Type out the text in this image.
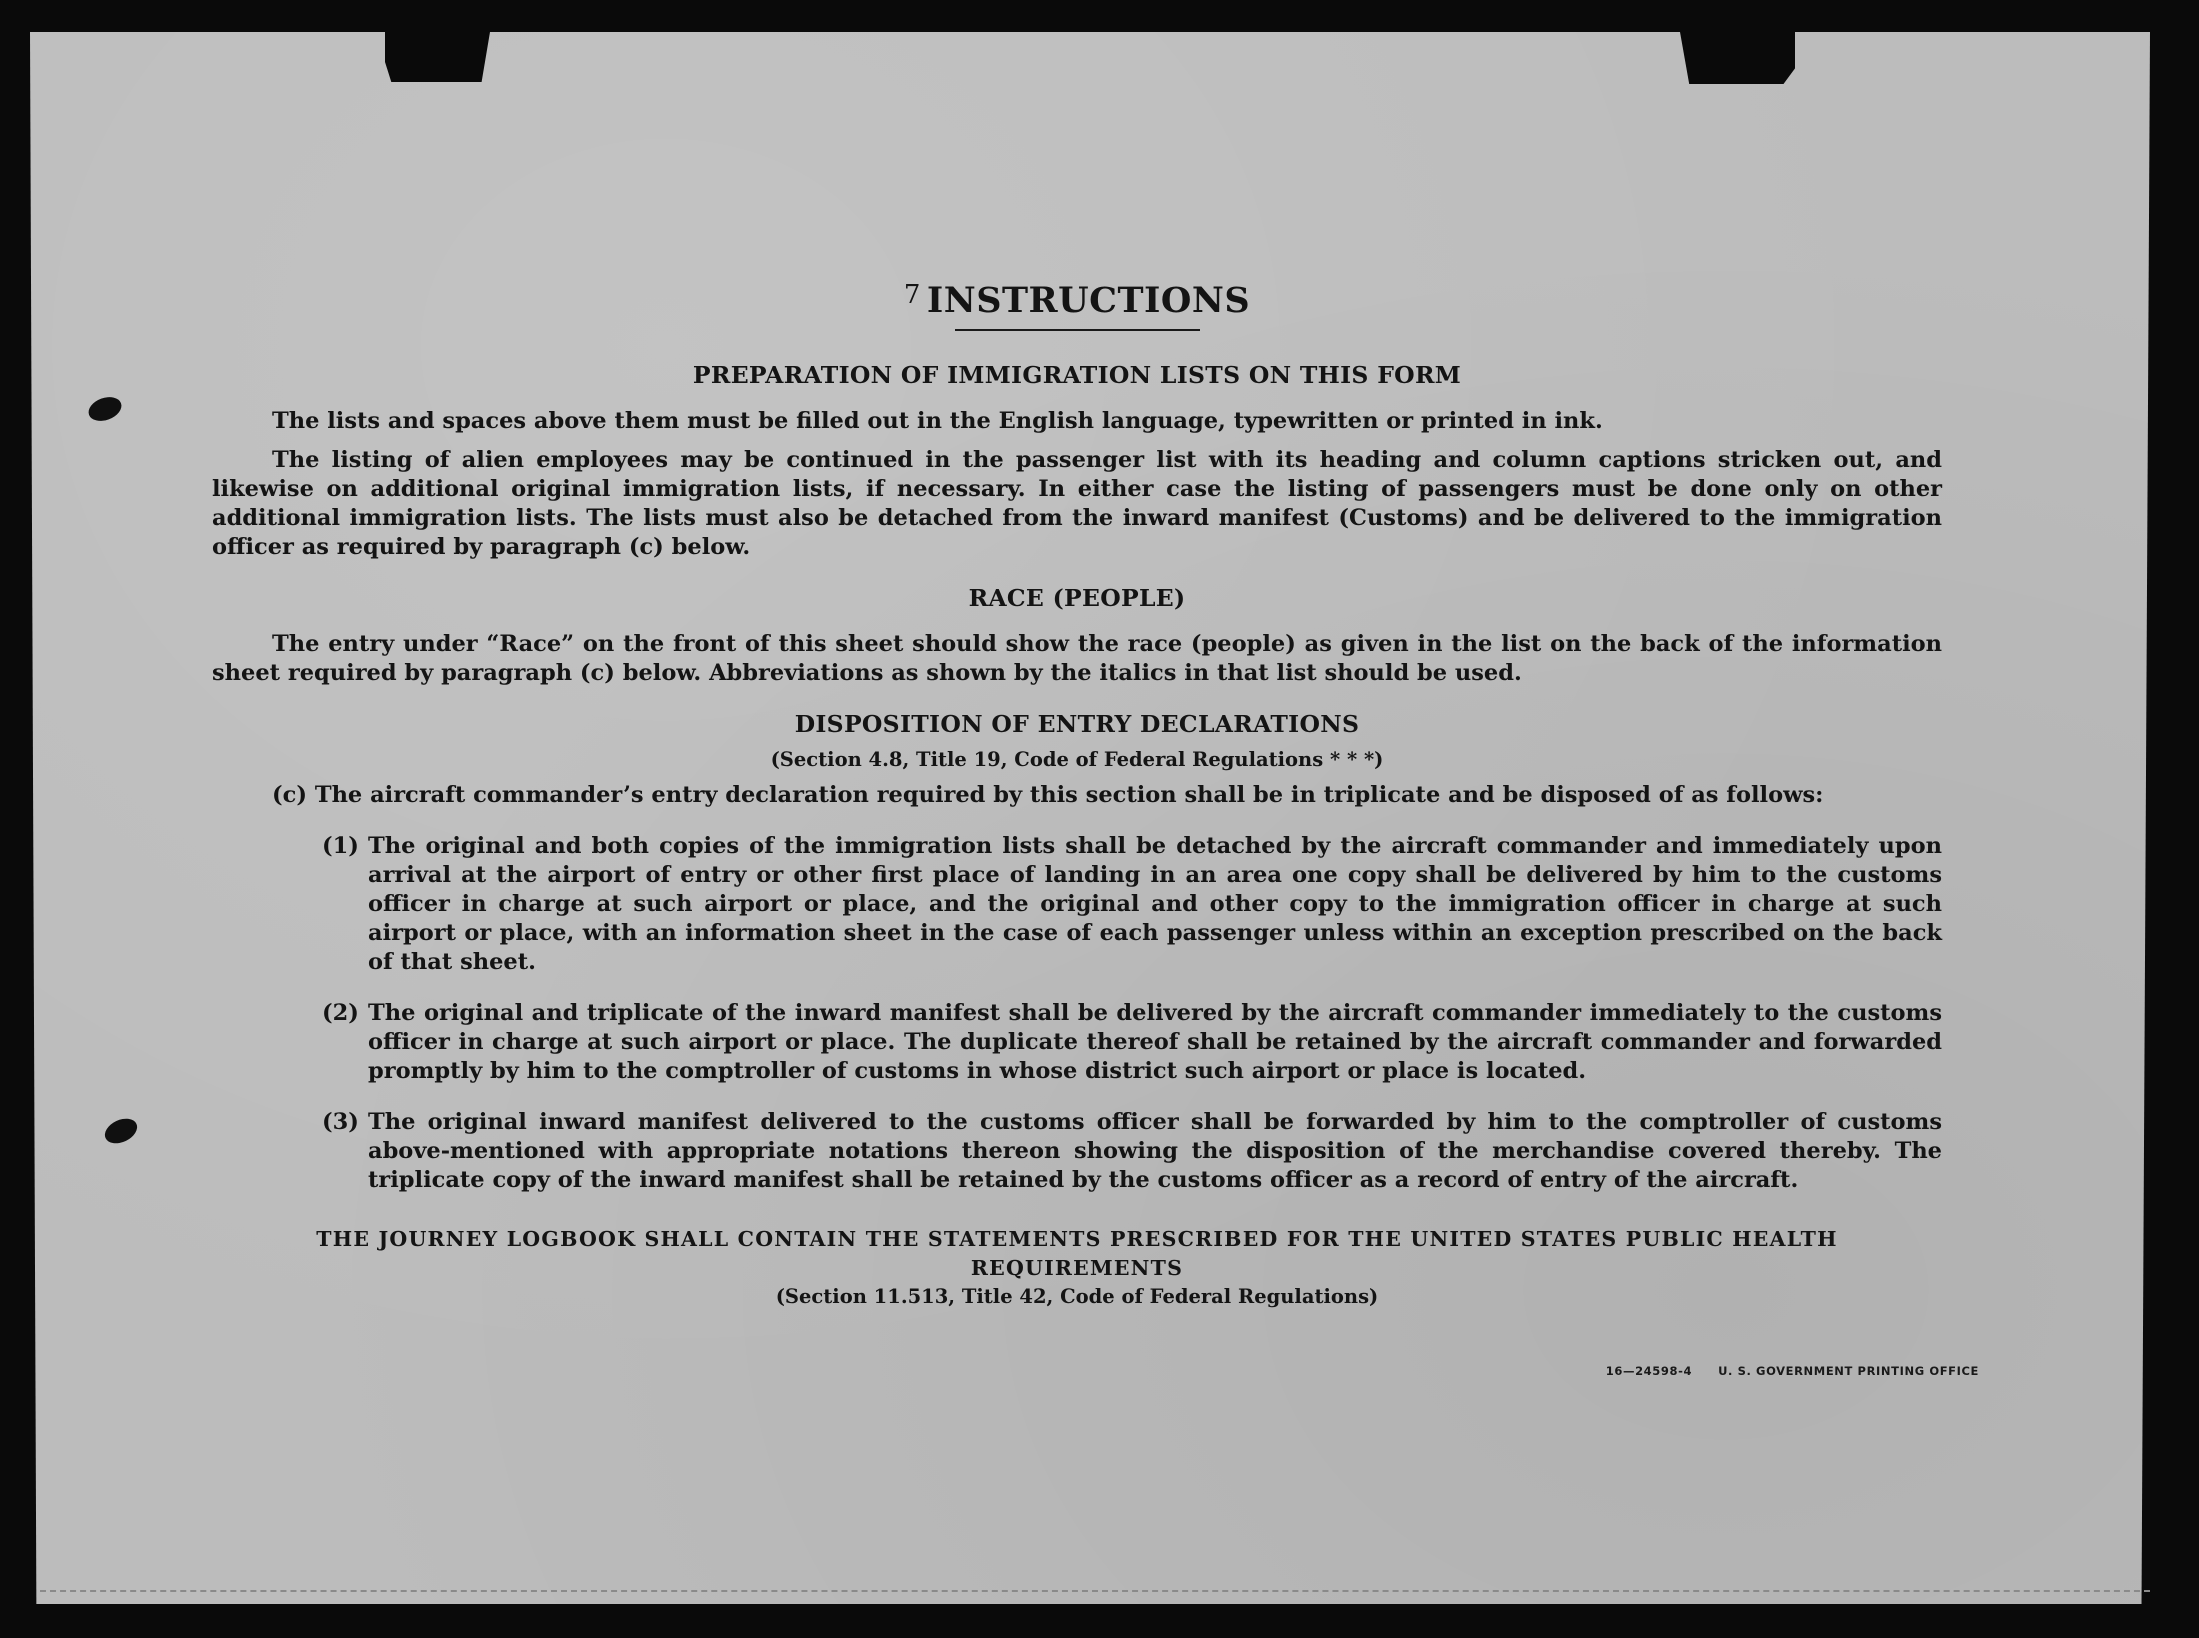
$^7$ INSTRUCTIONS
PREPARATION OF IMMIGRATION LISTS ON THIS FORM

The lists and spaces above them must be filled out in the English language, typewritten or printed in ink.

The listing of alien employees may be continued in the passenger list with its heading and column captions stricken out, and likewise on additional original immigration lists, if necessary. In either case the listing of passengers must be done only on other additional immigration lists. The lists must also be detached from the inward manifest (Customs) and be delivered to the immigration officer as required by paragraph (c) below.

RACE (PEOPLE)

The entry under “Race” on the front of this sheet should show the race (people) as given in the list on the back of the information sheet required by paragraph (c) below. Abbreviations as shown by the italics in that list should be used.

DISPOSITION OF ENTRY DECLARATIONS
(Section 4.8, Title 19, Code of Federal Regulations * * *)
(c) The aircraft commander’s entry declaration required by this section shall be in triplicate and be disposed of as follows:
(1) The original and both copies of the immigration lists shall be detached by the aircraft commander and immediately upon arrival at the airport of entry or other first place of landing in an area one copy shall be delivered by him to the customs officer in charge at such airport or place, and the original and other copy to the immigration officer in charge at such airport or place, with an information sheet in the case of each passenger unless within an exception prescribed on the back of that sheet.
(2) The original and triplicate of the inward manifest shall be delivered by the aircraft commander immediately to the customs officer in charge at such airport or place. The duplicate thereof shall be retained by the aircraft commander and forwarded promptly by him to the comptroller of customs in whose district such airport or place is located.
(3) The original inward manifest delivered to the customs officer shall be forwarded by him to the comptroller of customs above-mentioned with appropriate notations thereon showing the disposition of the merchandise covered thereby. The triplicate copy of the inward manifest shall be retained by the customs officer as a record of entry of the aircraft.
THE JOURNEY LOGBOOK SHALL CONTAIN THE STATEMENTS PRESCRIBED FOR THE UNITED STATES PUBLIC HEALTH REQUIREMENTS
(Section 11.513, Title 42, Code of Federal Regulations)
16—24598-4 U. S. GOVERNMENT PRINTING OFFICE
